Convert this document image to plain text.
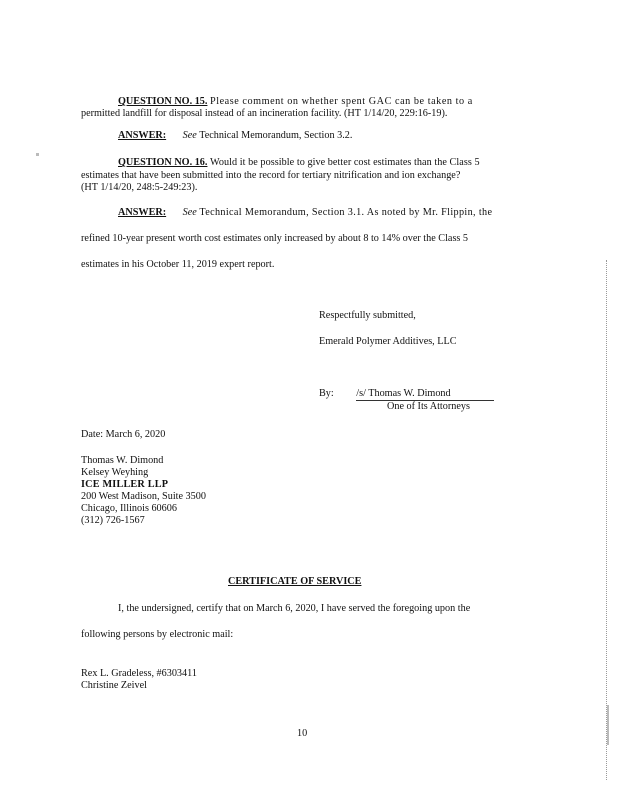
QUESTION NO. 15. Please comment on whether spent GAC can be taken to a
permitted landfill for disposal instead of an incineration facility. (HT 1/14/20, 229:16-19).
ANSWER: See Technical Memorandum, Section 3.2.
QUESTION NO. 16. Would it be possible to give better cost estimates than the Class 5
estimates that have been submitted into the record for tertiary nitrification and ion exchange?
(HT 1/14/20, 248:5-249:23).
ANSWER: See Technical Memorandum, Section 3.1. As noted by Mr. Flippin, the
refined 10-year present worth cost estimates only increased by about 8 to 14% over the Class 5
estimates in his October 11, 2019 expert report.
Respectfully submitted,
Emerald Polymer Additives, LLC
By: /s/ Thomas W. Dimond
One of Its Attorneys
Date: March 6, 2020
Thomas W. Dimond
Kelsey Weyhing
ICE MILLER LLP
200 West Madison, Suite 3500
Chicago, Illinois 60606
(312) 726-1567
CERTIFICATE OF SERVICE
I, the undersigned, certify that on March 6, 2020, I have served the foregoing upon the
following persons by electronic mail:
Rex L. Gradeless, #6303411
Christine Zeivel
10
